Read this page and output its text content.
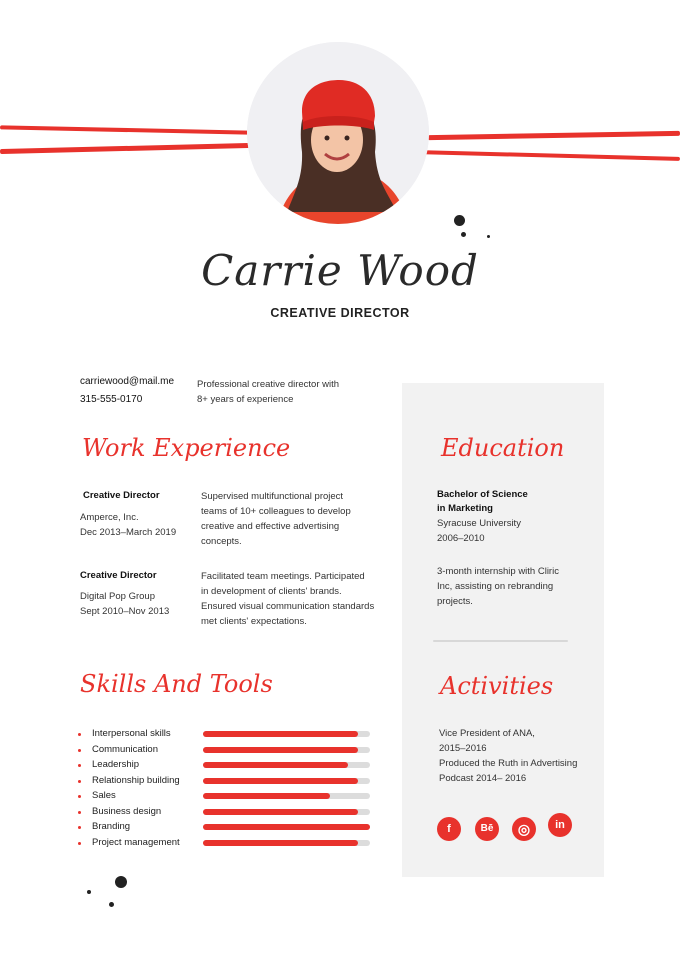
Carrie Wood
CREATIVE DIRECTOR
carriewood@mail.me
315-555-0170
Professional creative director with
8+ years of experience
Work Experience
Creative Director
Amperce, Inc.
Dec 2013–March 2019
Supervised multifunctional project
teams of 10+ colleagues to develop
creative and effective advertising
concepts.
Creative Director
Digital Pop Group
Sept 2010–Nov 2013
Facilitated team meetings. Participated
in development of clients' brands.
Ensured visual communication standards
met clients' expectations.
Education
Bachelor of Science
in Marketing
Syracuse University
2006–2010
3-month internship with Cliric
Inc, assisting on rebranding
projects.
Skills And Tools
Interpersonal skills
Communication
Leadership
Relationship building
Sales
Business design
Branding
Project management
Activities
Vice President of ANA,
2015–2016
Produced the Ruth in Advertising
Podcast 2014– 2016
f	Bē	◎	in
